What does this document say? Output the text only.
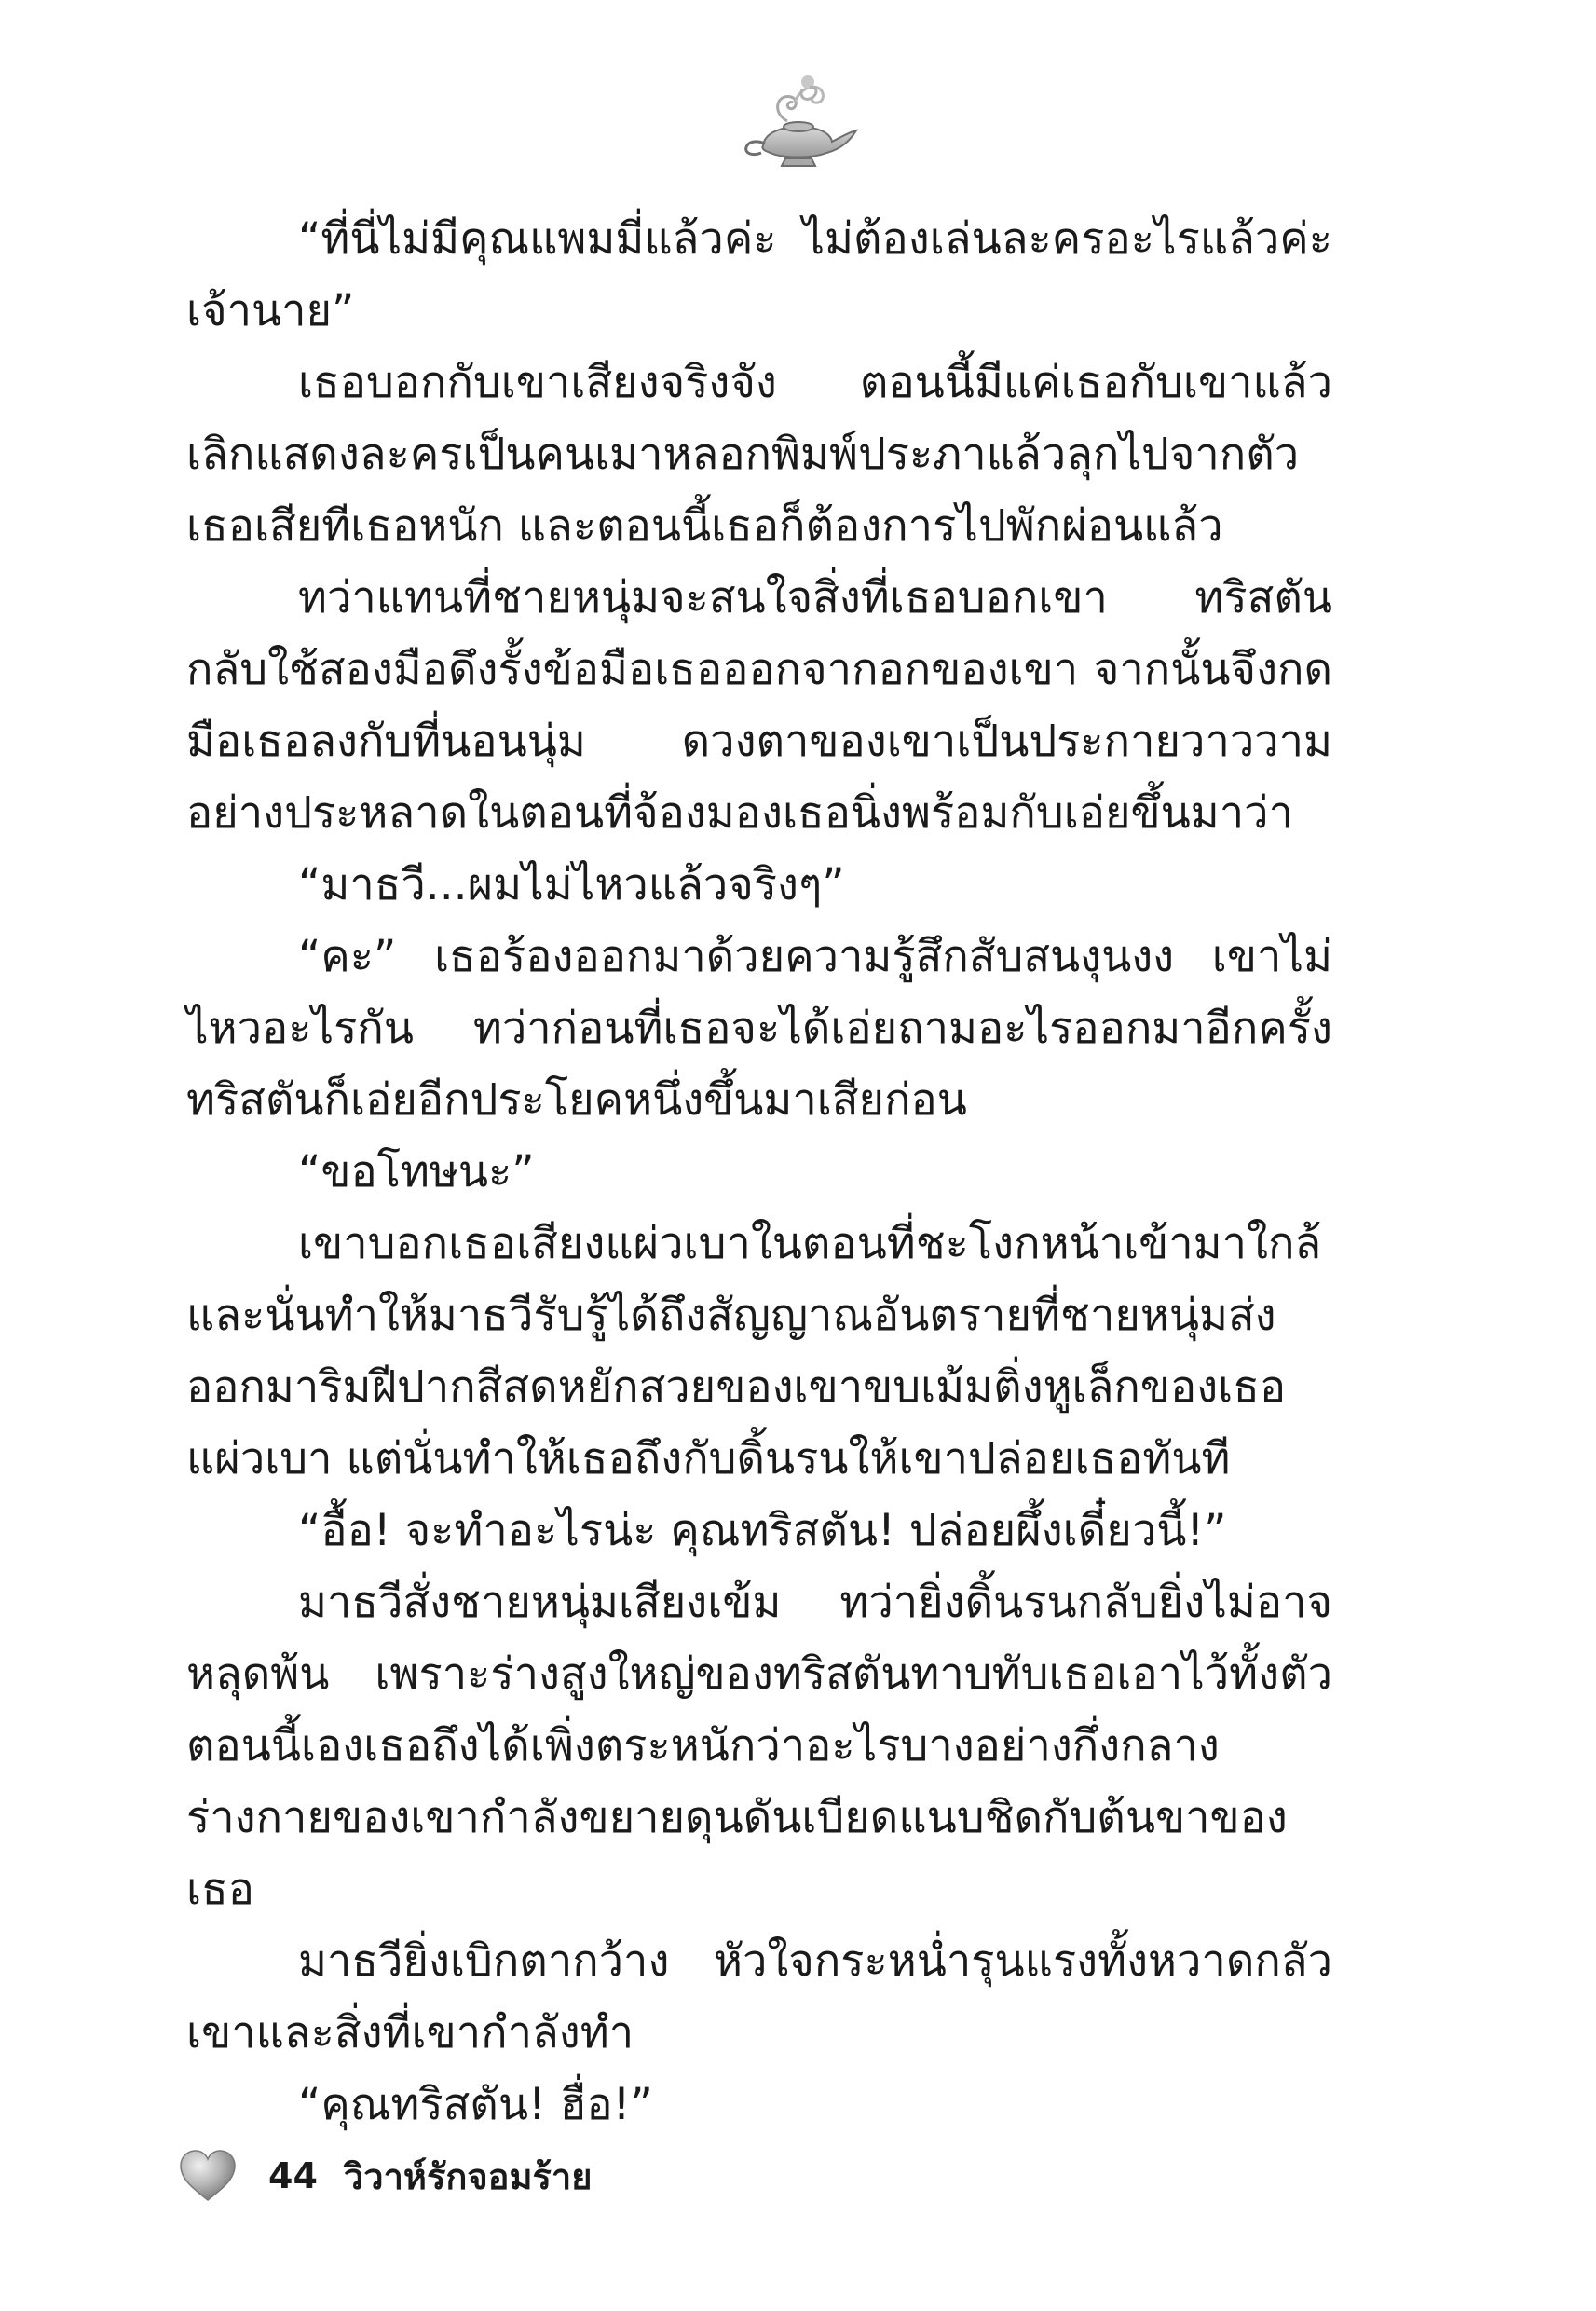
“ที่นี่ไม่มีคุณแพมมี่แล้วค่ะ ไม่ต้องเล่นละครอะไรแล้วค่ะเจ้านาย”

เธอบอกกับเขาเสียงจริงจัง ตอนนี้มีแค่เธอกับเขาแล้ว เลิกแสดงละครเป็นคนเมาหลอกพิมพ์ประภาแล้วลุกไปจากตัวเธอเสียทีเธอหนัก และตอนนี้เธอก็ต้องการไปพักผ่อนแล้ว

ทว่าแทนที่ชายหนุ่มจะสนใจสิ่งที่เธอบอกเขา ทริสตันกลับใช้สองมือดึงรั้งข้อมือเธอออกจากอกของเขา จากนั้นจึงกดมือเธอลงกับที่นอนนุ่ม ดวงตาของเขาเป็นประกายวาววามอย่างประหลาดในตอนที่จ้องมองเธอนิ่งพร้อมกับเอ่ยขึ้นมาว่า

“มาธวี...ผมไม่ไหวแล้วจริงๆ”

“คะ” เธอร้องออกมาด้วยความรู้สึกสับสนงุนงง เขาไม่ไหวอะไรกัน ทว่าก่อนที่เธอจะได้เอ่ยถามอะไรออกมาอีกครั้ง ทริสตันก็เอ่ยอีกประโยคหนึ่งขึ้นมาเสียก่อน

“ขอโทษนะ”

เขาบอกเธอเสียงแผ่วเบาในตอนที่ชะโงกหน้าเข้ามาใกล้ และนั่นทำให้มาธวีรับรู้ได้ถึงสัญญาณอันตรายที่ชายหนุ่มส่งออกมาริมฝีปากสีสดหยักสวยของเขาขบเม้มติ่งหูเล็กของเธอแผ่วเบา แต่นั่นทำให้เธอถึงกับดิ้นรนให้เขาปล่อยเธอทันที

“อื้อ! จะทำอะไรน่ะ คุณทริสตัน! ปล่อยผึ้งเดี๋ยวนี้!”

มาธวีสั่งชายหนุ่มเสียงเข้ม ทว่ายิ่งดิ้นรนกลับยิ่งไม่อาจหลุดพ้น เพราะร่างสูงใหญ่ของทริสตันทาบทับเธอเอาไว้ทั้งตัวตอนนี้เองเธอถึงได้เพิ่งตระหนักว่าอะไรบางอย่างกึ่งกลางร่างกายของเขากำลังขยายดุนดันเบียดแนบชิดกับต้นขาของเธอ

มาธวียิ่งเบิกตากว้าง หัวใจกระหน่ำรุนแรงทั้งหวาดกลัวเขาและสิ่งที่เขากำลังทำ

“คุณทริสตัน! ฮื่อ!”

44 วิวาห์รักจอมร้าย
